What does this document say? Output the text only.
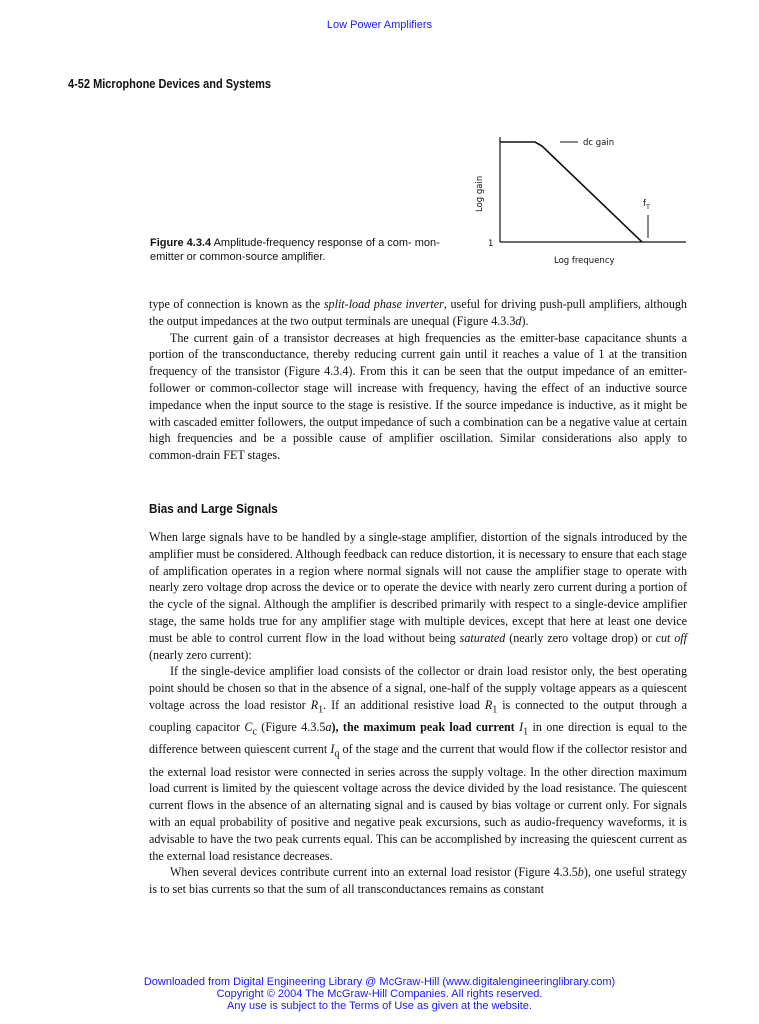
Low Power Amplifiers
4-52 Microphone Devices and Systems
dc gain
$f_T$
1
Log gain
Log frequency
Figure 4.3.4 Amplitude-frequency response of a com- mon-emitter or common-source amplifier.

type of connection is known as the split-load phase inverter, useful for driving push-pull amplifiers, although the output impedances at the two output terminals are unequal (Figure 4.3.3d).

The current gain of a transistor decreases at high frequencies as the emitter-base capacitance shunts a portion of the transconductance, thereby reducing current gain until it reaches a value of 1 at the transition frequency of the transistor (Figure 4.3.4). From this it can be seen that the output impedance of an emitter-follower or common-collector stage will increase with frequency, having the effect of an inductive source impedance when the input source to the stage is resistive. If the source impedance is inductive, as it might be with cascaded emitter followers, the output impedance of such a combination can be a negative value at certain high frequencies and be a possible cause of amplifier oscillation. Similar considerations also apply to common-drain FET stages.

Bias and Large Signals

When large signals have to be handled by a single-stage amplifier, distortion of the signals introduced by the amplifier must be considered. Although feedback can reduce distortion, it is necessary to ensure that each stage of amplification operates in a region where normal signals will not cause the amplifier stage to operate with nearly zero voltage drop across the device or to operate the device with nearly zero current during a portion of the cycle of the signal. Although the amplifier is described primarily with respect to a single-device amplifier stage, the same holds true for any amplifier stage with multiple devices, except that here at least one device must be able to control current flow in the load without being saturated (nearly zero voltage drop) or cut off (nearly zero current):

If the single-device amplifier load consists of the collector or drain load resistor only, the best operating point should be chosen so that in the absence of a signal, one-half of the supply voltage appears as a quiescent voltage across the load resistor $R_1$. If an additional resistive load $R_1$ is connected to the output through a coupling capacitor $C_c$ (Figure 4.3.5a), the maximum peak load current $I_1$ in one direction is equal to the difference between quiescent current $I_q$ of the stage and the current that would flow if the collector resistor and the external load resistor were connected in series across the supply voltage. In the other direction maximum load current is limited by the quiescent voltage across the device divided by the load resistance. The quiescent current flows in the absence of an alternating signal and is caused by bias voltage or current only. For signals with an equal probability of positive and negative peak excursions, such as audio-frequency waveforms, it is advisable to have the two peak currents equal. This can be accomplished by increasing the quiescent current as the external load resistance decreases.

When several devices contribute current into an external load resistor (Figure 4.3.5b), one useful strategy is to set bias currents so that the sum of all transconductances remains as constant

Downloaded from Digital Engineering Library @ McGraw-Hill (www.digitalengineeringlibrary.com)
Copyright © 2004 The McGraw-Hill Companies. All rights reserved.
Any use is subject to the Terms of Use as given at the website.
